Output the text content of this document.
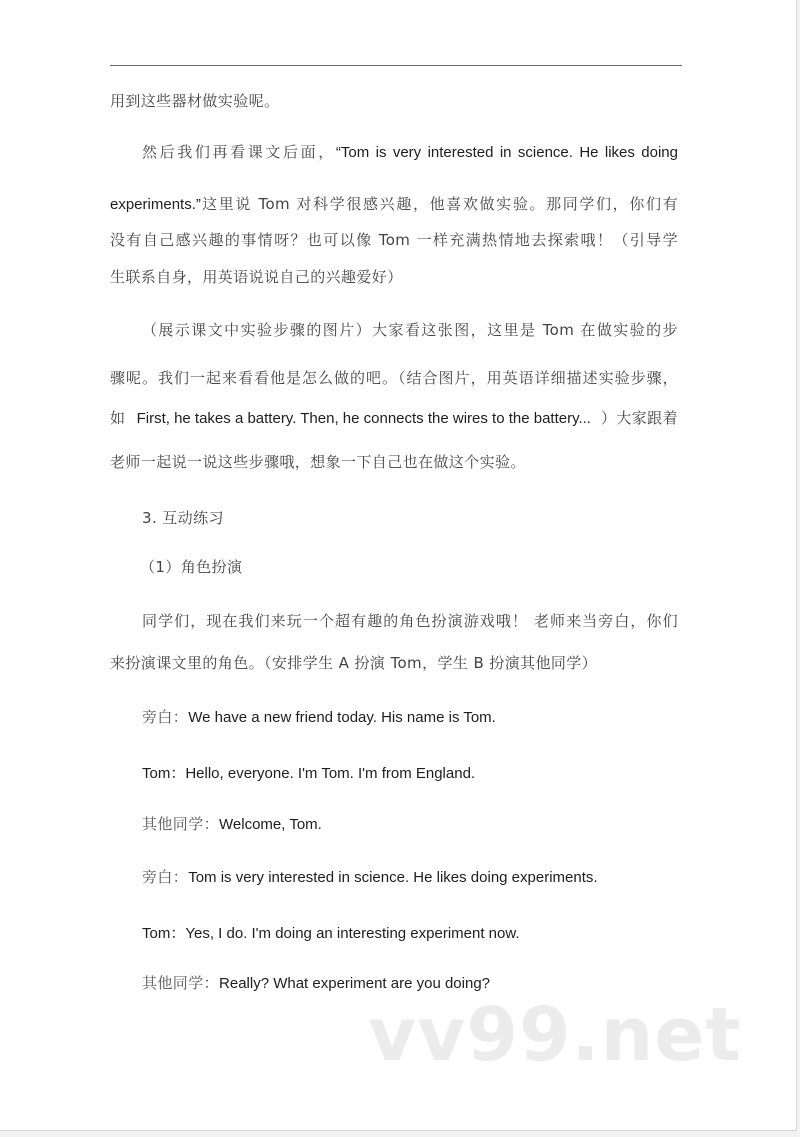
用到这些器材做实验呢。
然后我们再看课文后面，“Tom is very interested in science. He likes doing
experiments.”这里说 Tom 对科学很感兴趣，他喜欢做实验。那同学们，你们有
没有自己感兴趣的事情呀？也可以像 Tom 一样充满热情地去探索哦！（引导学
生联系自身，用英语说说自己的兴趣爱好）
（展示课文中实验步骤的图片）大家看这张图，这里是 Tom 在做实验的步
骤呢。我们一起来看看他是怎么做的吧。（结合图片，用英语详细描述实验步骤，
如 First, he takes a battery. Then, he connects the wires to the battery... ）大家跟着
老师一起说一说这些步骤哦，想象一下自己也在做这个实验。
3. 互动练习
（1）角色扮演
同学们，现在我们来玩一个超有趣的角色扮演游戏哦！ 老师来当旁白，你们
来扮演课文里的角色。（安排学生 A 扮演 Tom，学生 B 扮演其他同学）
旁白：We have a new friend today. His name is Tom.
Tom：Hello, everyone. I'm Tom. I'm from England.
其他同学：Welcome, Tom.
旁白：Tom is very interested in science. He likes doing experiments.
Tom：Yes, I do. I'm doing an interesting experiment now.
其他同学：Really? What experiment are you doing?
vv99.net
